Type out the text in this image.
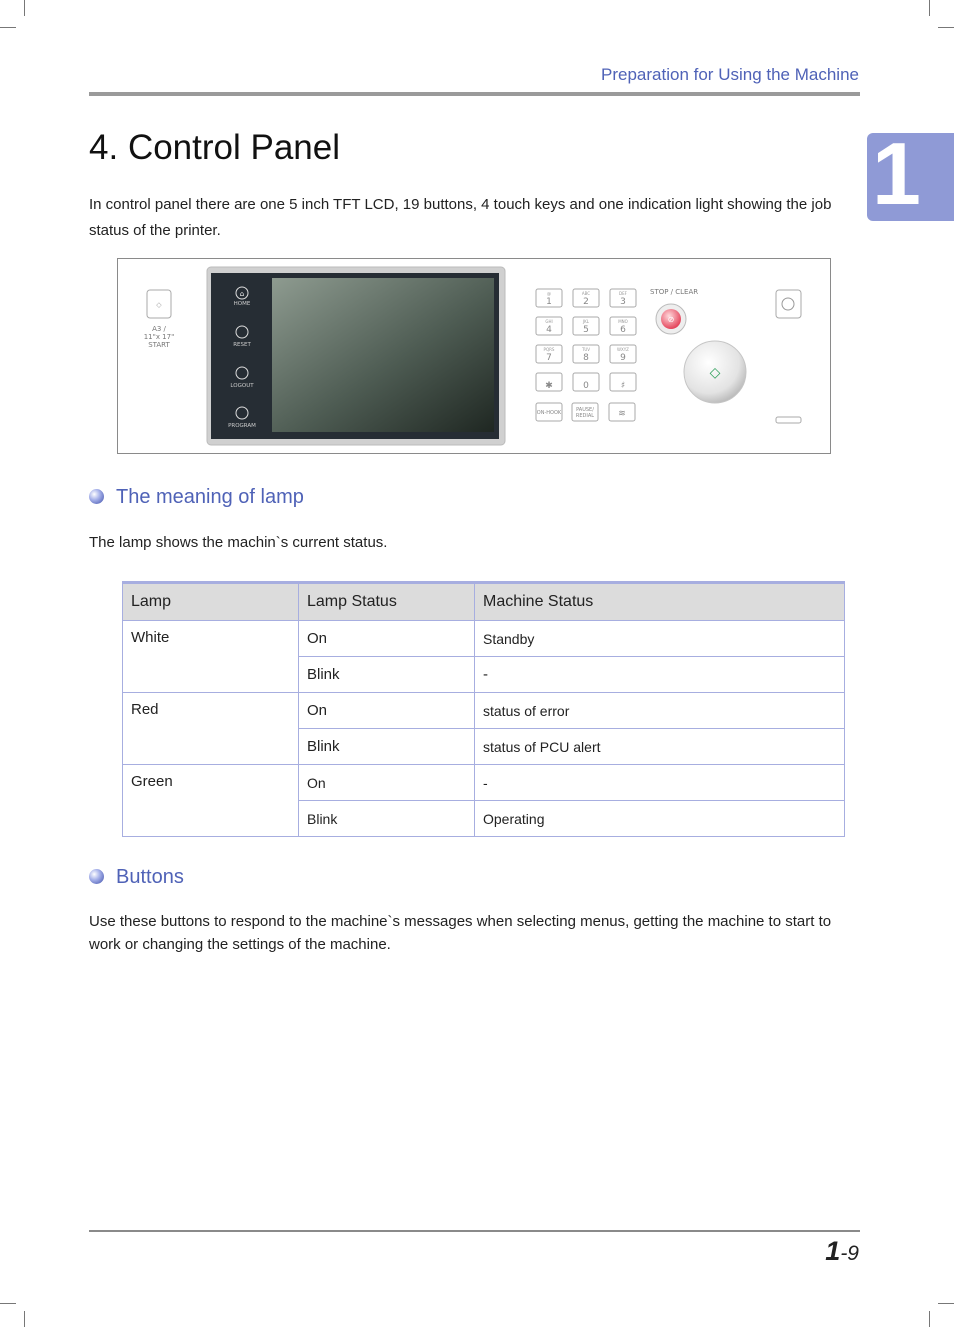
Preparation for Using the Machine
1
4. Control Panel
In control panel there are one 5 inch TFT LCD, 19 buttons, 4 touch keys and one indication light showing the job status of the printer.
◇
A3 /
11"x 17"
START
⌂
HOME
RESET
LOGOUT
PROGRAM
@
1
ABC
2
DEF
3
GHI
4
JKL
5
MNO
6
PQRS
7
TUV
8
WXYZ
9
✱	0	♯
ON-HOOK	PAUSE/
REDIAL	≋
STOP / CLEAR
⊘
◇
The meaning of lamp
The lamp shows the machin`s current status.
Lamp	Lamp Status	Machine Status
White	On	Standby
	Blink	-
Red	On	status of error
	Blink	status of PCU alert
Green	On	-
	Blink	Operating
Buttons
Use these buttons to respond to the machine`s messages when selecting menus, getting the machine to start to work or changing the settings of the machine.
1-9
